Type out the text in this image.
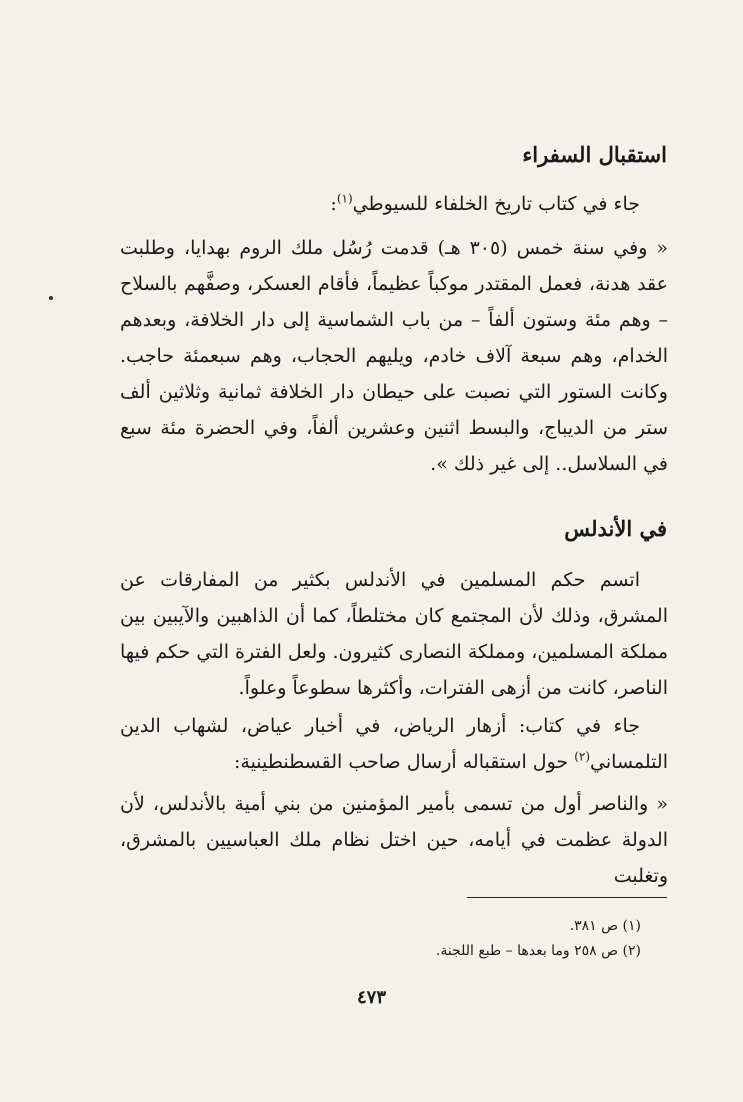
استقبال السفراء

جاء في كتاب تاريخ الخلفاء للسيوطي$^{(١)}$:

« وفي سنة خمس (٣٠٥ هـ) قدمت رُسُل ملك الروم بهدايا، وطلبت عقد هدنة، فعمل المقتدر موكباً عظيماً، فأقام العسكر، وصفَّهم بالسلاح – وهم مئة وستون ألفاً – من باب الشماسية إلى دار الخلافة، وبعدهم الخدام، وهم سبعة آلاف خادم، ويليهم الحجاب، وهم سبعمئة حاجب. وكانت الستور التي نصبت على حيطان دار الخلافة ثمانية وثلاثين ألف ستر من الديباج، والبسط اثنين وعشرين ألفاً، وفي الحضرة مئة سبع في السلاسل.. إلى غير ذلك ».

في الأندلس

اتسم حكم المسلمين في الأندلس بكثير من المفارقات عن المشرق، وذلك لأن المجتمع كان مختلطاً، كما أن الذاهبين والآيبين بين مملكة المسلمين، ومملكة النصارى كثيرون. ولعل الفترة التي حكم فيها الناصر، كانت من أزهى الفترات، وأكثرها سطوعاً وعلواً.

جاء في كتاب: أزهار الرياض، في أخبار عياض، لشهاب الدين التلمساني$^{(٢)}$ حول استقباله أرسال صاحب القسطنطينية:

« والناصر أول من تسمى بأمير المؤمنين من بني أمية بالأندلس، لأن الدولة عظمت في أيامه، حين اختل نظام ملك العباسيين بالمشرق، وتغلبت

(١) ص ٣٨١.

(٢) ص ٢٥٨ وما بعدها – طبع اللجنة.

٤٧٣
